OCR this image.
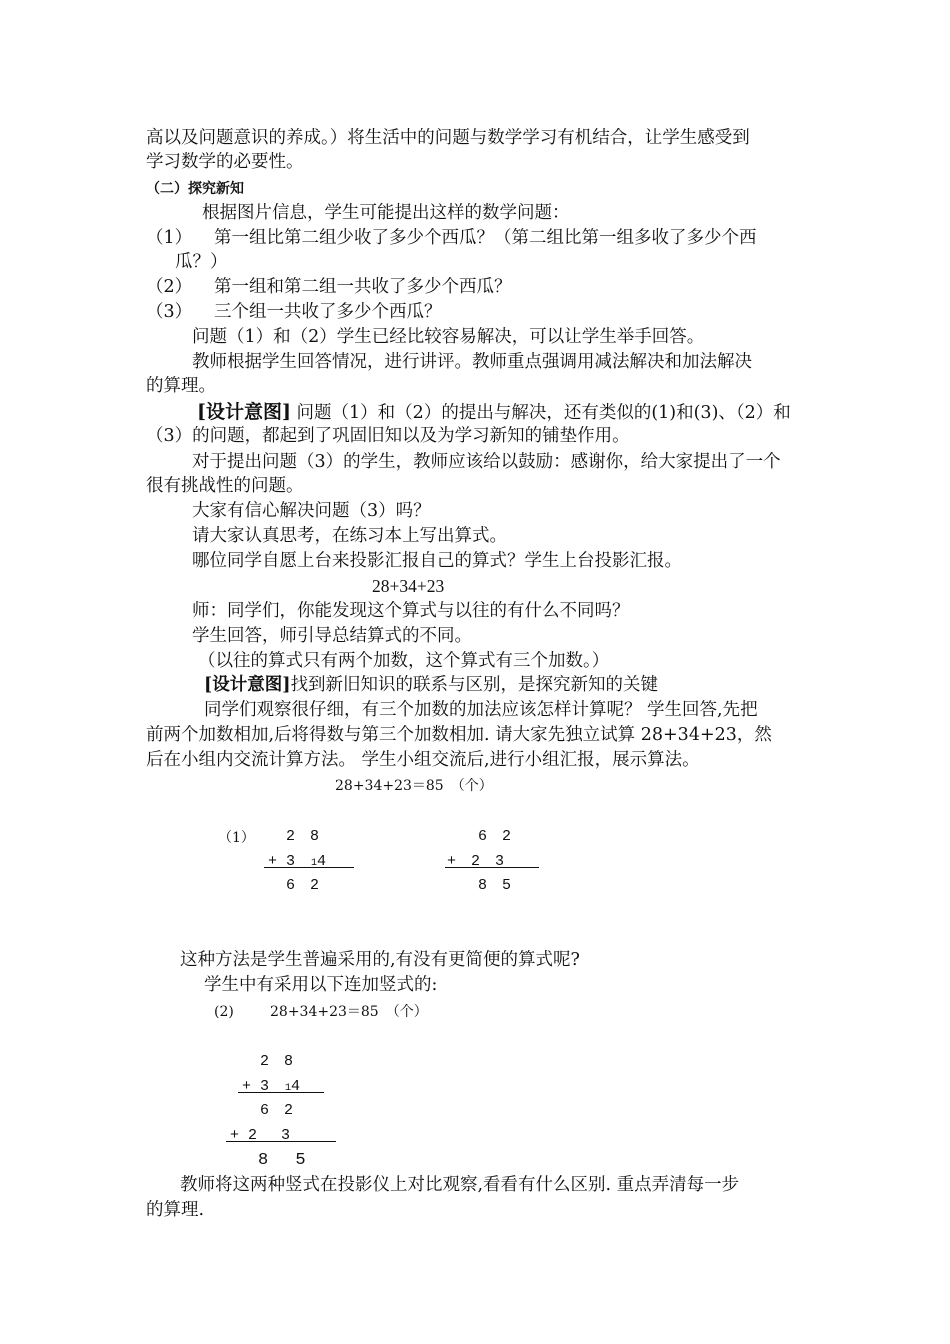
高以及问题意识的养成。）将生活中的问题与数学学习有机结合，让学生感受到
学习数学的必要性。
（二）探究新知
根据图片信息，学生可能提出这样的数学问题：
（1） 第一组比第二组少收了多少个西瓜？（第二组比第一组多收了多少个西
瓜？）
（2） 第一组和第二组一共收了多少个西瓜？
（3） 三个组一共收了多少个西瓜？
问题（1）和（2）学生已经比较容易解决，可以让学生举手回答。
教师根据学生回答情况，进行讲评。教师重点强调用减法解决和加法解决
的算理。
[设计意图] 问题（1）和（2）的提出与解决，还有类似的(1)和(3)、（2）和
（3）的问题，都起到了巩固旧知以及为学习新知的铺垫作用。
对于提出问题（3）的学生，教师应该给以鼓励：感谢你，给大家提出了一个
很有挑战性的问题。
大家有信心解决问题（3）吗？
请大家认真思考，在练习本上写出算式。
哪位同学自愿上台来投影汇报自己的算式？学生上台投影汇报。
28+34+23
师：同学们，你能发现这个算式与以往的有什么不同吗？
学生回答，师引导总结算式的不同。
（以往的算式只有两个加数，这个算式有三个加数。）
[设计意图]找到新旧知识的联系与区别，是探究新知的关键
同学们观察很仔细，有三个加数的加法应该怎样计算呢？ 学生回答,先把
前两个加数相加,后将得数与第三个加数相加. 请大家先独立试算 28+34+23，然
后在小组内交流计算方法。 学生小组交流后,进行小组汇报，展示算法。
28+34+23＝85　（个）
（1） 2　8
+ 3 14
6　2
6　2
+　2　3
8　5
这种方法是学生普遍采用的,有没有更简便的算式呢?
学生中有采用以下连加竖式的:
(2)	28+34+23＝85　（个）
2　8
+ 3 14
6　2
+ 2　 3
8　 5
教师将这两种竖式在投影仪上对比观察,看看有什么区别. 重点弄清每一步
的算理.
